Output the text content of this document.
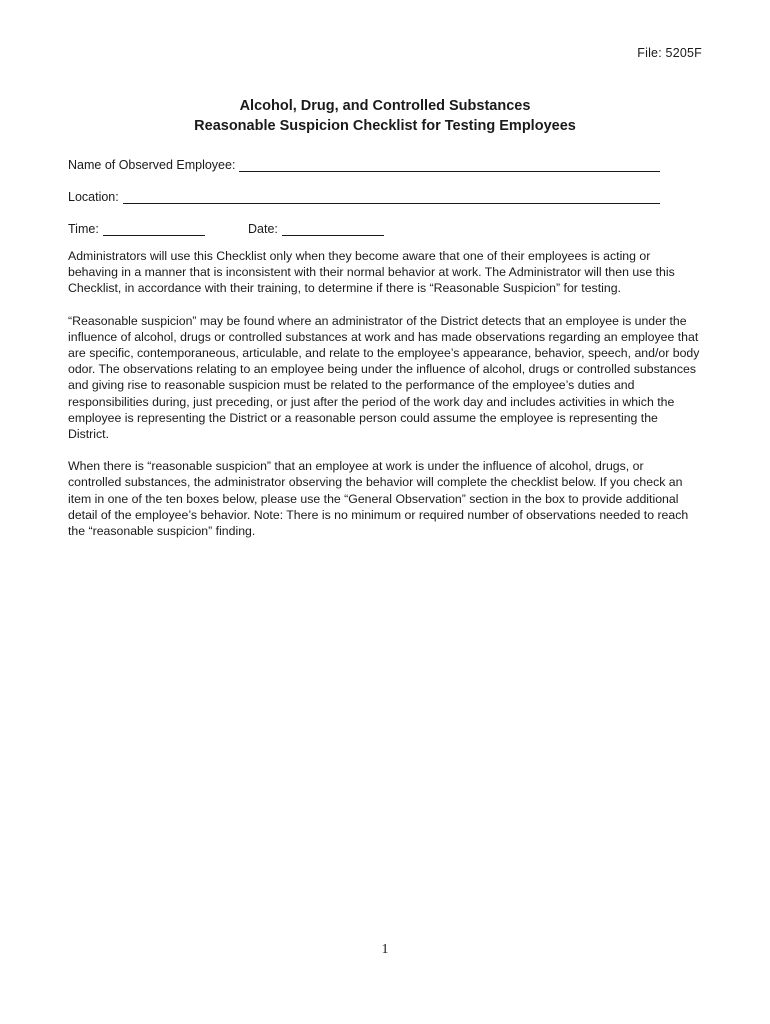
File: 5205F
Alcohol, Drug, and Controlled Substances
Reasonable Suspicion Checklist for Testing Employees
Name of Observed Employee:
Location:
Time:	Date:

Administrators will use this Checklist only when they become aware that one of their employees is acting or behaving in a manner that is inconsistent with their normal behavior at work. The Administrator will then use this Checklist, in accordance with their training, to determine if there is “Reasonable Suspicion” for testing.

“Reasonable suspicion” may be found where an administrator of the District detects that an employee is under the influence of alcohol, drugs or controlled substances at work and has made observations regarding an employee that are specific, contemporaneous, articulable, and relate to the employee’s appearance, behavior, speech, and/or body odor. The observations relating to an employee being under the influence of alcohol, drugs or controlled substances and giving rise to reasonable suspicion must be related to the performance of the employee’s duties and responsibilities during, just preceding, or just after the period of the work day and includes activities in which the employee is representing the District or a reasonable person could assume the employee is representing the District.

When there is “reasonable suspicion” that an employee at work is under the influence of alcohol, drugs, or controlled substances, the administrator observing the behavior will complete the checklist below. If you check an item in one of the ten boxes below, please use the “General Observation” section in the box to provide additional detail of the employee’s behavior. Note: There is no minimum or required number of observations needed to reach the “reasonable suspicion” finding.

1
